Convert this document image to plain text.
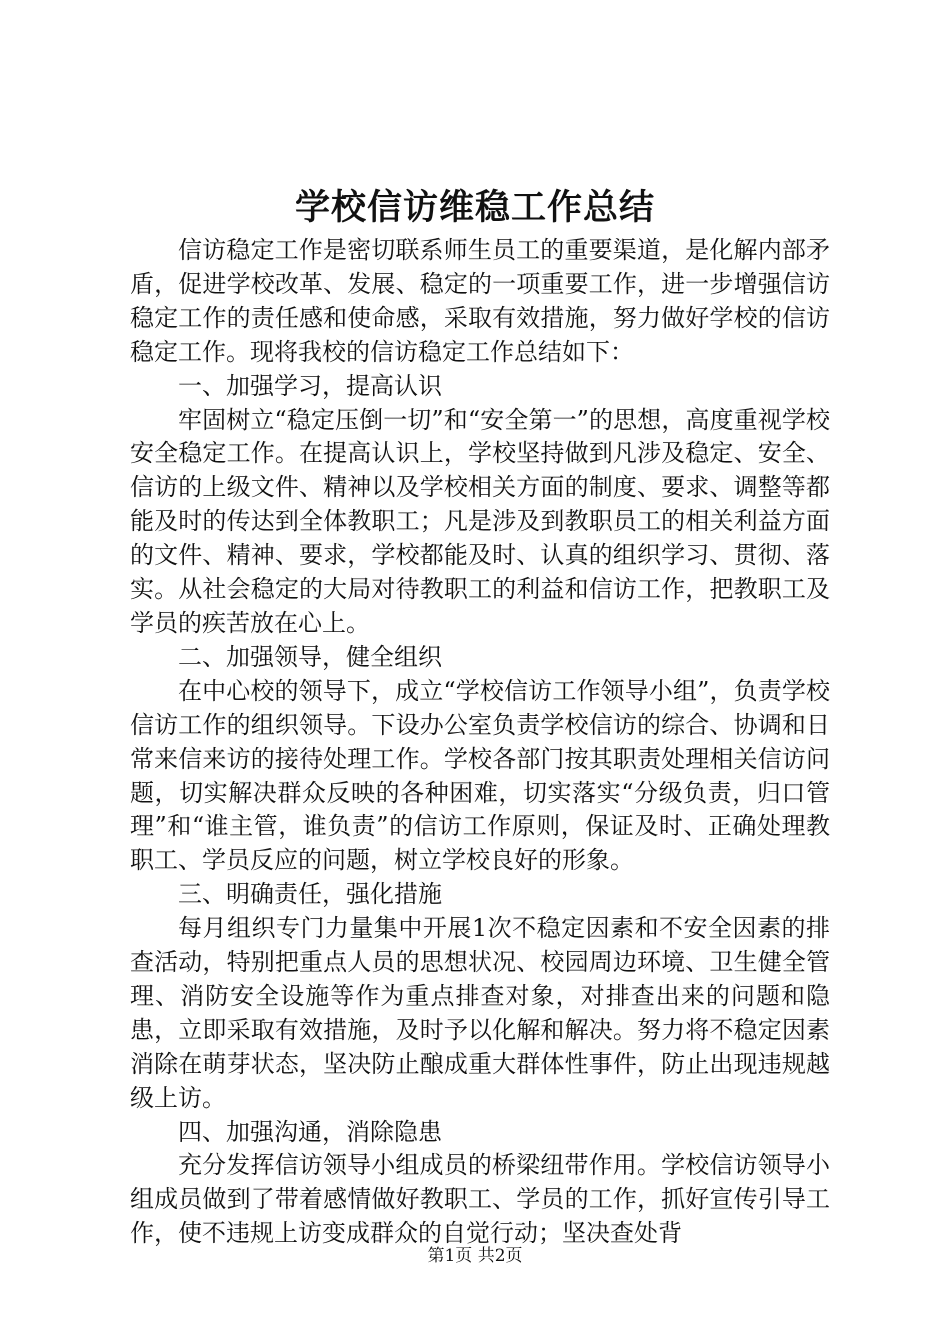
学校信访维稳工作总结

信访稳定工作是密切联系师生员工的重要渠道，是化解内部矛盾，促进学校改革、发展、稳定的一项重要工作，进一步增强信访稳定工作的责任感和使命感，采取有效措施，努力做好学校的信访稳定工作。现将我校的信访稳定工作总结如下：

一、加强学习，提高认识

牢固树立“稳定压倒一切”和“安全第一”的思想，高度重视学校安全稳定工作。在提高认识上，学校坚持做到凡涉及稳定、安全、信访的上级文件、精神以及学校相关方面的制度、要求、调整等都能及时的传达到全体教职工；凡是涉及到教职员工的相关利益方面的文件、精神、要求，学校都能及时、认真的组织学习、贯彻、落实。从社会稳定的大局对待教职工的利益和信访工作，把教职工及学员的疾苦放在心上。

二、加强领导，健全组织

在中心校的领导下，成立“学校信访工作领导小组”，负责学校信访工作的组织领导。下设办公室负责学校信访的综合、协调和日常来信来访的接待处理工作。学校各部门按其职责处理相关信访问题，切实解决群众反映的各种困难，切实落实“分级负责，归口管理”和“谁主管，谁负责”的信访工作原则，保证及时、正确处理教职工、学员反应的问题，树立学校良好的形象。

三、明确责任，强化措施

每月组织专门力量集中开展1次不稳定因素和不安全因素的排查活动，特别把重点人员的思想状况、校园周边环境、卫生健全管理、消防安全设施等作为重点排查对象，对排查出来的问题和隐患，立即采取有效措施，及时予以化解和解决。努力将不稳定因素消除在萌芽状态，坚决防止酿成重大群体性事件，防止出现违规越级上访。

四、加强沟通，消除隐患

充分发挥信访领导小组成员的桥梁纽带作用。学校信访领导小组成员做到了带着感情做好教职工、学员的工作，抓好宣传引导工作，使不违规上访变成群众的自觉行动；坚决查处背

第1页 共2页
